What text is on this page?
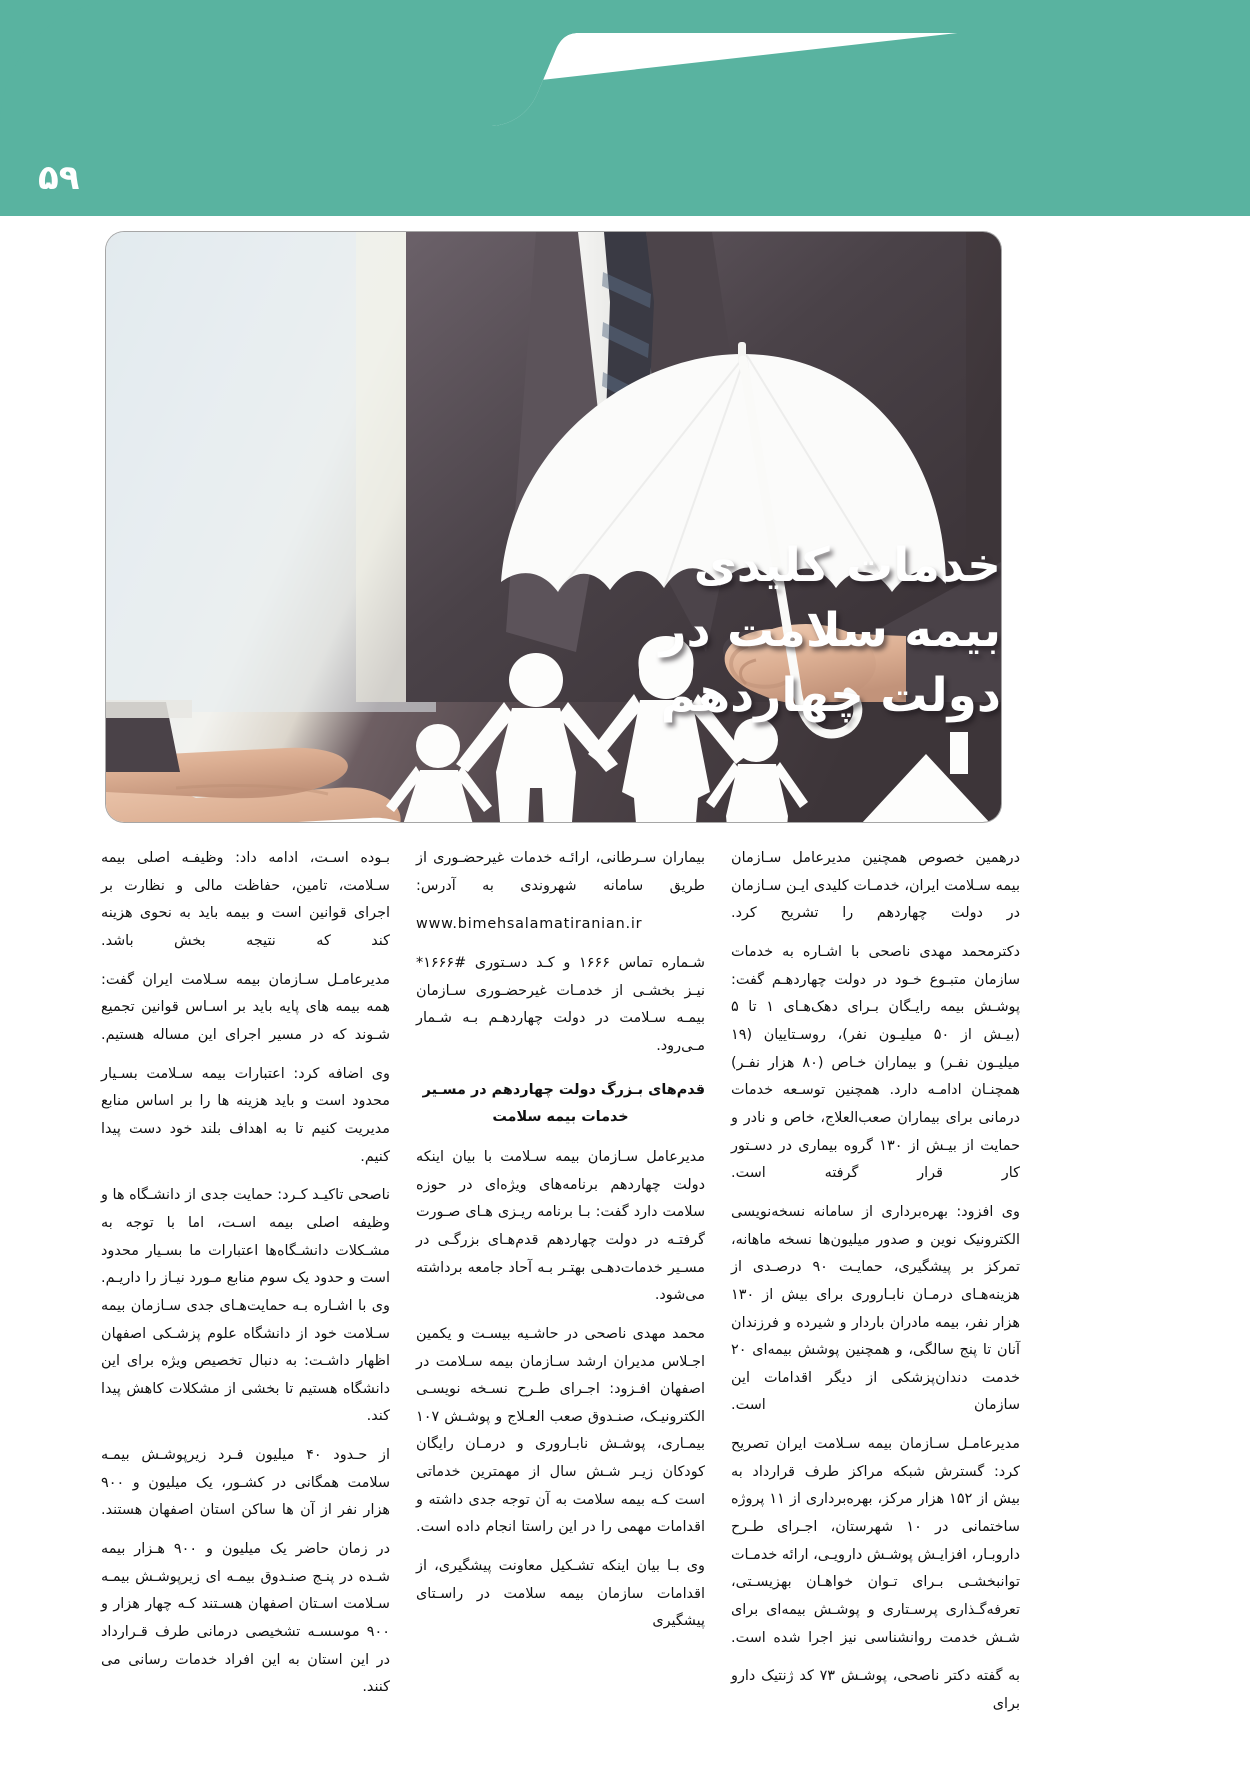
۵۹
خدمات کلیدی
بیمه سلامت در
دولت چهاردهم

درهمین خصوص همچنین مدیرعامل سـازمان بیمه سـلامت ایران، خدمـات کلیدی ایـن سـازمان در دولت چهاردهم را تشریح کرد.

دکترمحمد مهدی ناصحی با اشـاره به خدمات سازمان متبـوع خـود در دولت چهاردهـم گفت: پوشـش بیمه رایـگان بـرای دهک‌هـای ۱ تا ۵ (بیـش از ۵۰ میلیـون نفر)، روسـتاییان (۱۹ میلیـون نفـر) و بیماران خـاص (۸۰ هزار نفـر) همچنـان ادامـه دارد. همچنین توسـعه خدمات درمانی برای بیماران صعب‌العلاج، خاص و نادر و حمایت از بیـش از ۱۳۰ گروه بیماری در دسـتور کار قرار گرفته است.

وی افزود: بهره‌برداری از سامانه نسخه‌نویسی الکترونیک نوین و صدور میلیون‌ها نسخه ماهانه، تمرکز بر پیشگیری، حمایـت ۹۰ درصـدی از هزینه‌هـای درمـان نابـاروری برای بیش از ۱۳۰ هزار نفر، بیمه مادران باردار و شیرده و فرزندان آنان تا پنج سالگی، و همچنین پوشش بیمه‌ای ۲۰ خدمت دندان‌پزشکی از دیگر اقدامات این سازمان است.

مدیرعامـل سـازمان بیمه سـلامت ایران تصریح کرد: گسترش شبکه مراکز طرف قرارداد به بیش از ۱۵۲ هزار مرکز، بهره‌برداری از ۱۱ پروژه ساختمانی در ۱۰ شهرستان، اجـرای طـرح داروبـار، افزایـش پوشـش دارویـی، ارائه خدمـات توانبخشـی بـرای تـوان خواهـان بهزیسـتی، تعرفه‌گـذاری پرسـتاری و پوشـش بیمه‌ای برای شـش خدمت روانشناسی نیز اجرا شده است.

به گفته دکتر ناصحی، پوشـش ۷۳ کد ژنتیک دارو برای

بیماران سـرطانی، ارائـه خدمات غیرحضـوری از طریق سامانه شهروندی به آدرس:

www.bimehsalamatiranian.ir

شـماره تماس ۱۶۶۶ و کـد دسـتوری #۱۶۶۶* نیـز بخشـی از خدمـات غیرحضـوری سـازمان بیمـه سـلامت در دولت چهاردهـم بـه شـمار مـی‌رود.

قدم‌های بـزرگ دولت چهاردهم در مسـیر خدمات بیمه سلامت

مدیرعامل سـازمان بیمه سـلامت با بیان اینکه دولت چهاردهم برنامه‌های ویژه‌ای در حوزه سلامت دارد گفت: بـا برنامه ریـزی هـای صـورت گرفتـه در دولت چهاردهم قدم‌هـای بزرگـی در مسـیر خدمات‌دهـی بهتـر بـه آحاد جامعه برداشته می‌شود.

محمد مهدی ناصحی در حاشـیه بیسـت و یکمین اجـلاس مدیران ارشد سـازمان بیمه سـلامت در اصفهان افـزود: اجـرای طـرح نسـخه نویسـی الکترونیـک، صنـدوق صعب العـلاج و پوشـش ۱۰۷ بیمـاری، پوشـش نابـاروری و درمـان رایگان کودکان زیـر شـش سال از مهمترین خدماتی است کـه بیمه سلامت به آن توجه جدی داشته و اقدامات مهمی را در این راستا انجام داده است.

وی بـا بیان اینکه تشـکیل معاونت پیشگیری، از اقدامات سازمان بیمه سلامت در راسـتای پیشگیری

بـوده اسـت، ادامه داد: وظیفـه اصلی بیمه سـلامت، تامین، حفاظت مالی و نظارت بر اجرای قوانین است و بیمه باید به نحوی هزینه کند که نتیجه بخش باشد.

مدیرعامـل سـازمان بیمه سـلامت ایران گفت: همه بیمه های پایه باید بر اسـاس قوانین تجمیع شـوند که در مسیر اجرای این مساله هستیم.

وی اضافه کرد: اعتبارات بیمه سـلامت بسـیار محدود است و باید هزینه ها را بر اساس منابع مدیریت کنیم تا به اهداف بلند خود دست پیدا کنیم.

ناصحی تاکیـد کـرد: حمایت جدی از دانشـگاه ها و وظیفه اصلی بیمه اسـت، اما با توجه به مشـکلات دانشـگاه‌ها اعتبارات ما بسـیار محدود است و حدود یک سوم منابع مـورد نیـاز را داریـم. وی با اشـاره بـه حمایت‌هـای جدی سـازمان بیمه سـلامت خود از دانشگاه علوم پزشـکی اصفهان اظهار داشـت: به دنبال تخصیص ویژه برای این دانشگاه هستیم تا بخشی از مشکلات کاهش پیدا کند.

از حـدود ۴۰ میلیون فـرد زیرپوشـش بیمـه سلامت همگانی در کشـور، یک میلیون و ۹۰۰ هزار نفر از آن ها ساکن استان اصفهان هستند.

در زمان حاضر یک میلیون و ۹۰۰ هـزار بیمه شـده در پنـج صنـدوق بیمـه ای زیرپوشـش بیمـه سـلامت اسـتان اصفهان هسـتند کـه چهار هزار و ۹۰۰ موسسـه تشخیصی درمانی طرف قـرارداد در این استان به این افراد خدمات رسانی می کنند.
